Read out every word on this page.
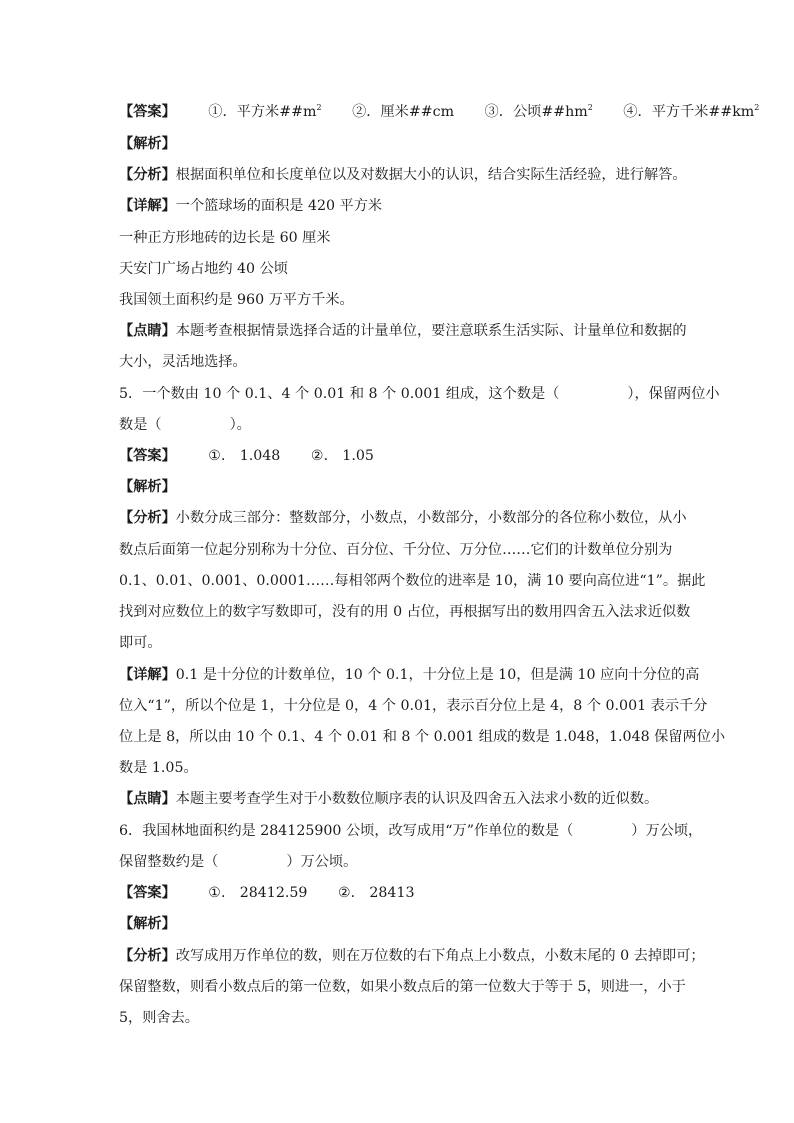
【答案】 ①．平方米$\#\#m^2$ ②．厘米##cm ③．公顷$\#\#hm^2$ ④．平方千米$\#\#km^2$
【解析】
【分析】根据面积单位和长度单位以及对数据大小的认识，结合实际生活经验，进行解答。
【详解】一个篮球场的面积是 420 平方米
一种正方形地砖的边长是 60 厘米
天安门广场占地约 40 公顷
我国领土面积约是 960 万平方千米。
【点睛】本题考查根据情景选择合适的计量单位，要注意联系生活实际、计量单位和数据的
大小，灵活地选择。
5．一个数由 10 个 0.1、4 个 0.01 和 8 个 0.001 组成，这个数是（	），保留两位小
数是（	）。
【答案】 ①． 1.048 ②． 1.05
【解析】
【分析】小数分成三部分：整数部分，小数点，小数部分，小数部分的各位称小数位，从小
数点后面第一位起分别称为十分位、百分位、千分位、万分位……它们的计数单位分别为
0.1、0.01、0.001、0.0001……每相邻两个数位的进率是 10，满 10 要向高位进“1”。据此
找到对应数位上的数字写数即可，没有的用 0 占位，再根据写出的数用四舍五入法求近似数
即可。
【详解】0.1 是十分位的计数单位，10 个 0.1，十分位上是 10，但是满 10 应向十分位的高
位入“1”，所以个位是 1，十分位是 0，4 个 0.01，表示百分位上是 4，8 个 0.001 表示千分
位上是 8，所以由 10 个 0.1、4 个 0.01 和 8 个 0.001 组成的数是 1.048，1.048 保留两位小
数是 1.05。
【点睛】本题主要考查学生对于小数数位顺序表的认识及四舍五入法求小数的近似数。
6．我国林地面积约是 284125900 公顷，改写成用“万”作单位的数是（	）万公顷，
保留整数约是（	）万公顷。
【答案】 ①． 28412.59 ②． 28413
【解析】
【分析】改写成用万作单位的数，则在万位数的右下角点上小数点，小数末尾的 0 去掉即可；
保留整数，则看小数点后的第一位数，如果小数点后的第一位数大于等于 5，则进一，小于
5，则舍去。
